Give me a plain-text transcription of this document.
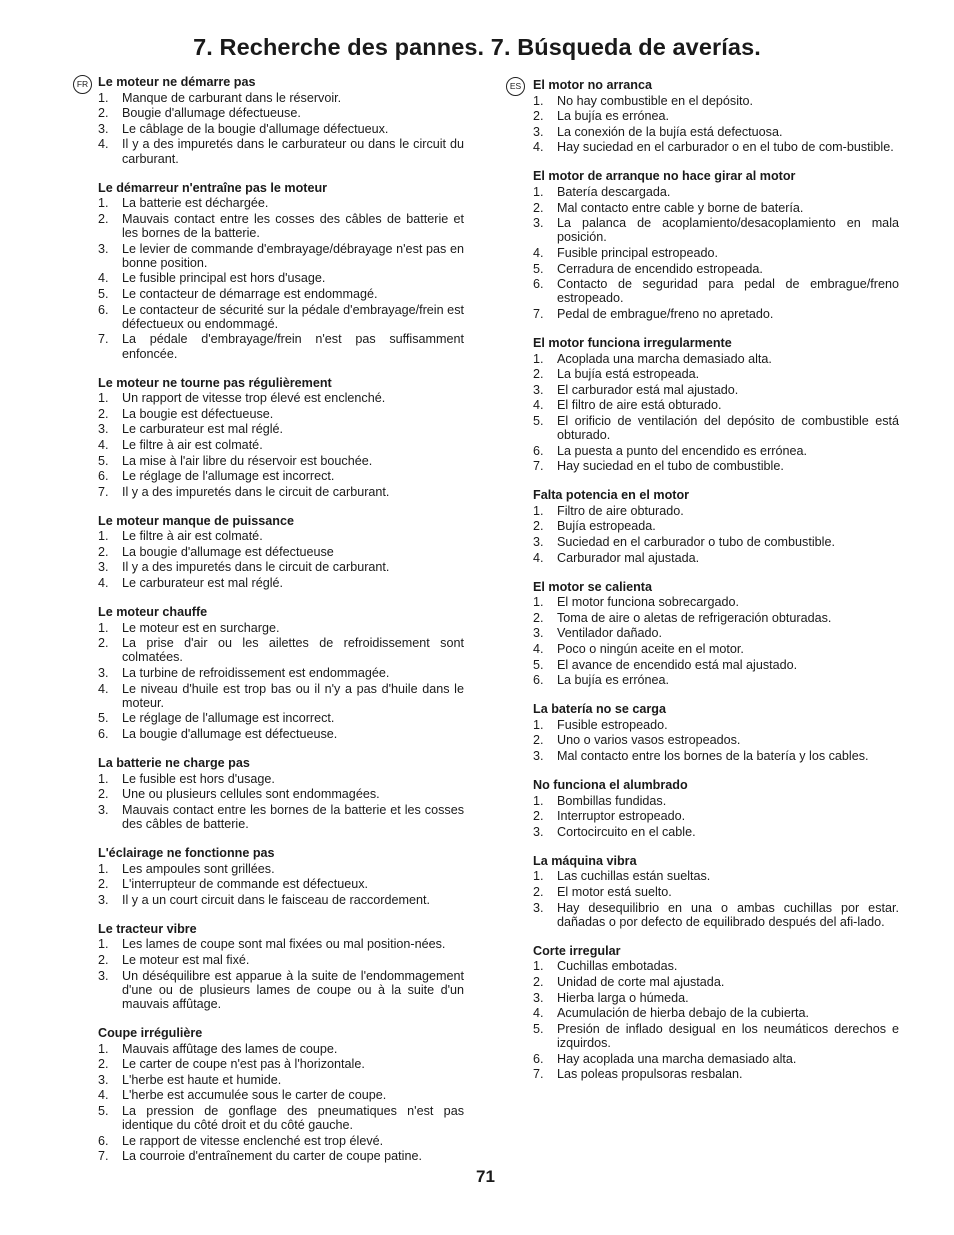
7. Recherche des pannes. 7. Búsqueda de averías.
FR Le moteur ne démarre pas
1. Manque de carburant dans le réservoir.
2. Bougie d'allumage défectueuse.
3. Le câblage de la bougie d'allumage défectueux.
4. Il y a des impuretés dans le carburateur ou dans le circuit du carburant.
Le démarreur n'entraîne pas le moteur
1. La batterie est déchargée.
2. Mauvais contact entre les cosses des câbles de batterie et les bornes de la batterie.
3. Le levier de commande d'embrayage/débrayage n'est pas en bonne position.
4. Le fusible principal est hors d'usage.
5. Le contacteur de démarrage est endommagé.
6. Le contacteur de sécurité sur la pédale d'embrayage/frein est défectueux ou endommagé.
7. La pédale d'embrayage/frein n'est pas suffisamment enfoncée.
Le moteur ne tourne pas régulièrement
1. Un rapport de vitesse trop élevé est enclenché.
2. La bougie est défectueuse.
3. Le carburateur est mal réglé.
4. Le filtre à air est colmaté.
5. La mise à l'air libre du réservoir est bouchée.
6. Le réglage de l'allumage est incorrect.
7. Il y a des impuretés dans le circuit de carburant.
Le moteur manque de puissance
1. Le filtre à air est colmaté.
2. La bougie d'allumage est défectueuse
3. Il y a des impuretés dans le circuit de carburant.
4. Le carburateur est mal réglé.
Le moteur chauffe
1. Le moteur est en surcharge.
2. La prise d'air ou les ailettes de refroidissement sont colmatées.
3. La turbine de refroidissement est endommagée.
4. Le niveau d'huile est trop bas ou il n'y a pas d'huile dans le moteur.
5. Le réglage de l'allumage est incorrect.
6. La bougie d'allumage est défectueuse.
La batterie ne charge pas
1. Le fusible est hors d'usage.
2. Une ou plusieurs cellules sont endommagées.
3. Mauvais contact entre les bornes de la batterie et les cosses des câbles de batterie.
L'éclairage ne fonctionne pas
1. Les ampoules sont grillées.
2. L'interrupteur de commande est défectueux.
3. Il y a un court circuit dans le faisceau de raccordement.
Le tracteur vibre
1. Les lames de coupe sont mal fixées ou mal position-nées.
2. Le moteur est mal fixé.
3. Un déséquilibre est apparue à la suite de l'endommagement d'une ou de plusieurs lames de coupe ou à la suite d'un mauvais affûtage.
Coupe irrégulière
1. Mauvais affûtage des lames de coupe.
2. Le carter de coupe n'est pas à l'horizontale.
3. L'herbe est haute et humide.
4. L'herbe est accumulée sous le carter de coupe.
5. La pression de gonflage des pneumatiques n'est pas identique du côté droit et du côté gauche.
6. Le rapport de vitesse enclenché est trop élevé.
7. La courroie d'entraînement du carter de coupe patine.
ES El motor no arranca
1. No hay combustible en el depósito.
2. La bujía es errónea.
3. La conexión de la bujía está defectuosa.
4. Hay suciedad en el carburador o en el tubo de com-bustible.
El motor de arranque no hace girar al motor
1. Batería descargada.
2. Mal contacto entre cable y borne de batería.
3. La palanca de acoplamiento/desacoplamiento en mala posición.
4. Fusible principal estropeado.
5. Cerradura de encendido estropeada.
6. Contacto de seguridad para pedal de embrague/freno estropeado.
7. Pedal de embrague/freno no apretado.
El motor funciona irregularmente
1. Acoplada una marcha demasiado alta.
2. La bujía está estropeada.
3. El carburador está mal ajustado.
4. El filtro de aire está obturado.
5. El orificio de ventilación del depósito de combustible está obturado.
6. La puesta a punto del encendido es errónea.
7. Hay suciedad en el tubo de combustible.
Falta potencia en el motor
1. Filtro de aire obturado.
2. Bujía estropeada.
3. Suciedad en el carburador o tubo de combustible.
4. Carburador mal ajustada.
El motor se calienta
1. El motor funciona sobrecargado.
2. Toma de aire o aletas de refrigeración obturadas.
3. Ventilador dañado.
4. Poco o ningún aceite en el motor.
5. El avance de encendido está mal ajustado.
6. La bujía es errónea.
La batería no se carga
1. Fusible estropeado.
2. Uno o varios vasos estropeados.
3. Mal contacto entre los bornes de la batería y los cables.
No funciona el alumbrado
1. Bombillas fundidas.
2. Interruptor estropeado.
3. Cortocircuito en el cable.
La máquina vibra
1. Las cuchillas están sueltas.
2. El motor está suelto.
3. Hay desequilibrio en una o ambas cuchillas por estar. dañadas o por defecto de equilibrado después del afi-lado.
Corte irregular
1. Cuchillas embotadas.
2. Unidad de corte mal ajustada.
3. Hierba larga o húmeda.
4. Acumulación de hierba debajo de la cubierta.
5. Presión de inflado desigual en los neumáticos derechos e izquirdos.
6. Hay acoplada una marcha demasiado alta.
7. Las poleas propulsoras resbalan.
71
